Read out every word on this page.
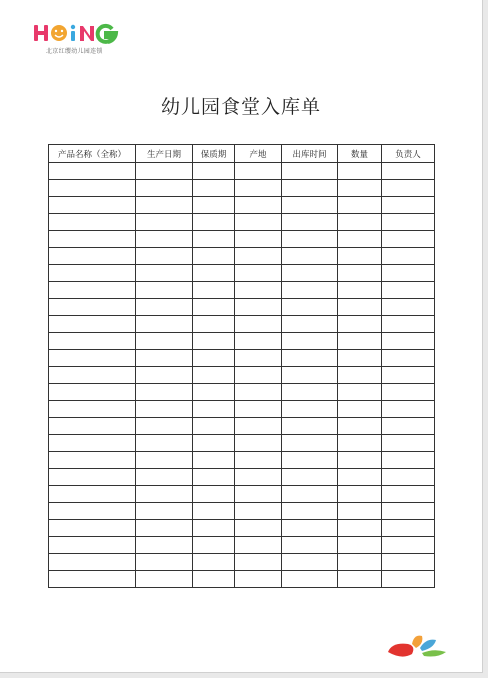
北京红缨幼儿园连锁
幼儿园食堂入库单
产品名称（全称）	生产日期	保质期	产地	出库时间	数量	负责人
